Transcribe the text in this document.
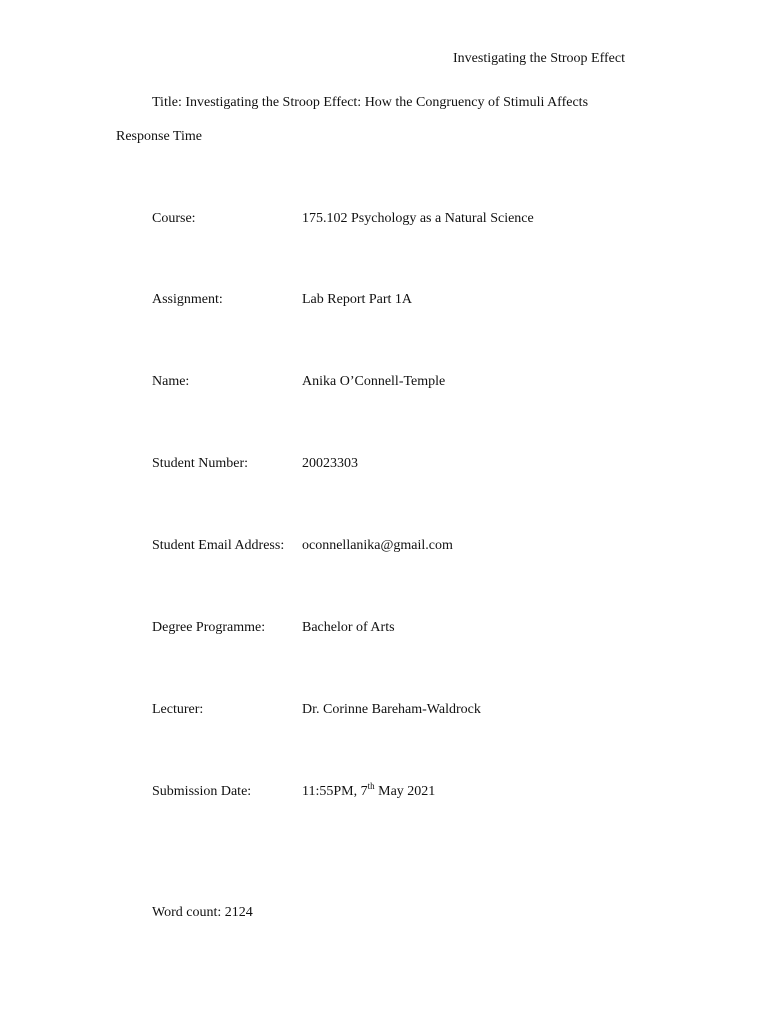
Investigating the Stroop Effect
Title: Investigating the Stroop Effect: How the Congruency of Stimuli Affects
Response Time
Course:	175.102 Psychology as a Natural Science
Assignment:	Lab Report Part 1A
Name:	Anika O’Connell-Temple
Student Number:	20023303
Student Email Address: oconnellanika@gmail.com
Degree Programme:	Bachelor of Arts
Lecturer:	Dr. Corinne Bareham-Waldrock
Submission Date:	11:55PM, 7th May 2021
Word count: 2124
